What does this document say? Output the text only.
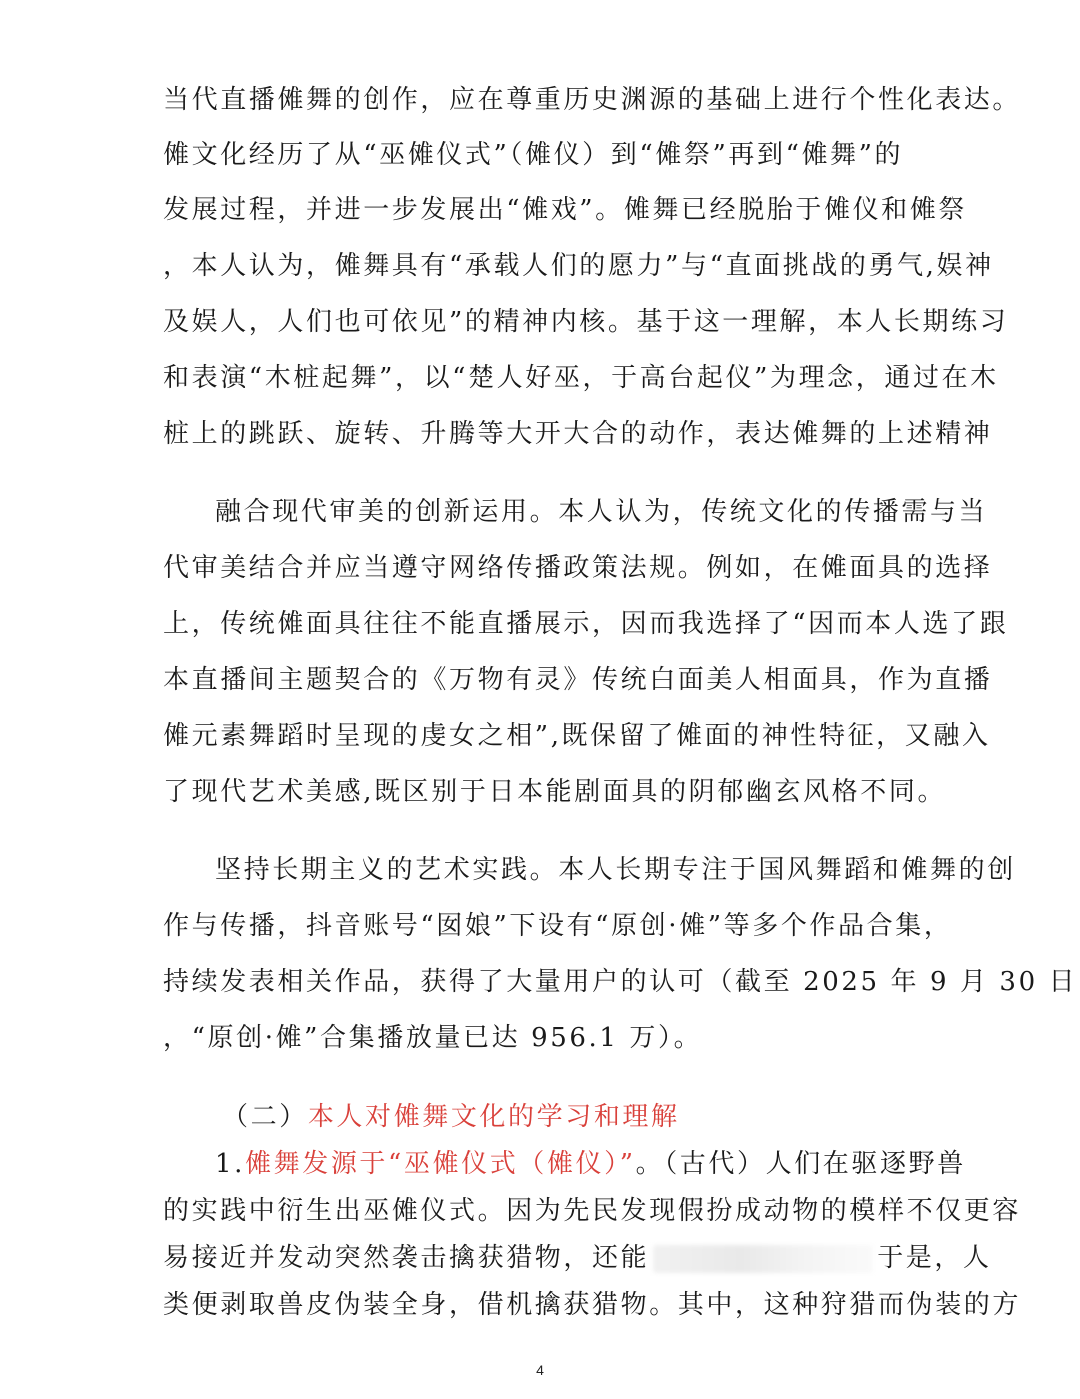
当代直播傩舞的创作，应在尊重历史渊源的基础上进行个性化表达。
傩文化经历了从“巫傩仪式”（傩仪）到“傩祭”再到“傩舞”的
发展过程，并进一步发展出“傩戏”。傩舞已经脱胎于傩仪和傩祭
，本人认为，傩舞具有“承载人们的愿力”与“直面挑战的勇气,娱神
及娱人，人们也可依见”的精神内核。基于这一理解，本人长期练习
和表演“木桩起舞”，以“楚人好巫，于高台起仪”为理念，通过在木
桩上的跳跃、旋转、升腾等大开大合的动作，表达傩舞的上述精神
融合现代审美的创新运用。本人认为，传统文化的传播需与当
代审美结合并应当遵守网络传播政策法规。例如，在傩面具的选择
上，传统傩面具往往不能直播展示，因而我选择了“因而本人选了跟
本直播间主题契合的《万物有灵》传统白面美人相面具，作为直播
傩元素舞蹈时呈现的虔女之相”,既保留了傩面的神性特征，又融入
了现代艺术美感,既区别于日本能剧面具的阴郁幽玄风格不同。
坚持长期主义的艺术实践。本人长期专注于国风舞蹈和傩舞的创
作与传播，抖音账号“囡娘”下设有“原创·傩”等多个作品合集，
持续发表相关作品，获得了大量用户的认可（截至 2025 年 9 月 30 日
，“原创·傩”合集播放量已达 956.1 万）。
（二）本人对傩舞文化的学习和理解
1.傩舞发源于“巫傩仪式（傩仪）”。（古代）人们在驱逐野兽
的实践中衍生出巫傩仪式。因为先民发现假扮成动物的模样不仅更容
易接近并发动突然袭击擒获猎物，还能	于是，人
类便剥取兽皮伪装全身，借机擒获猎物。其中，这种狩猎而伪装的方
4
